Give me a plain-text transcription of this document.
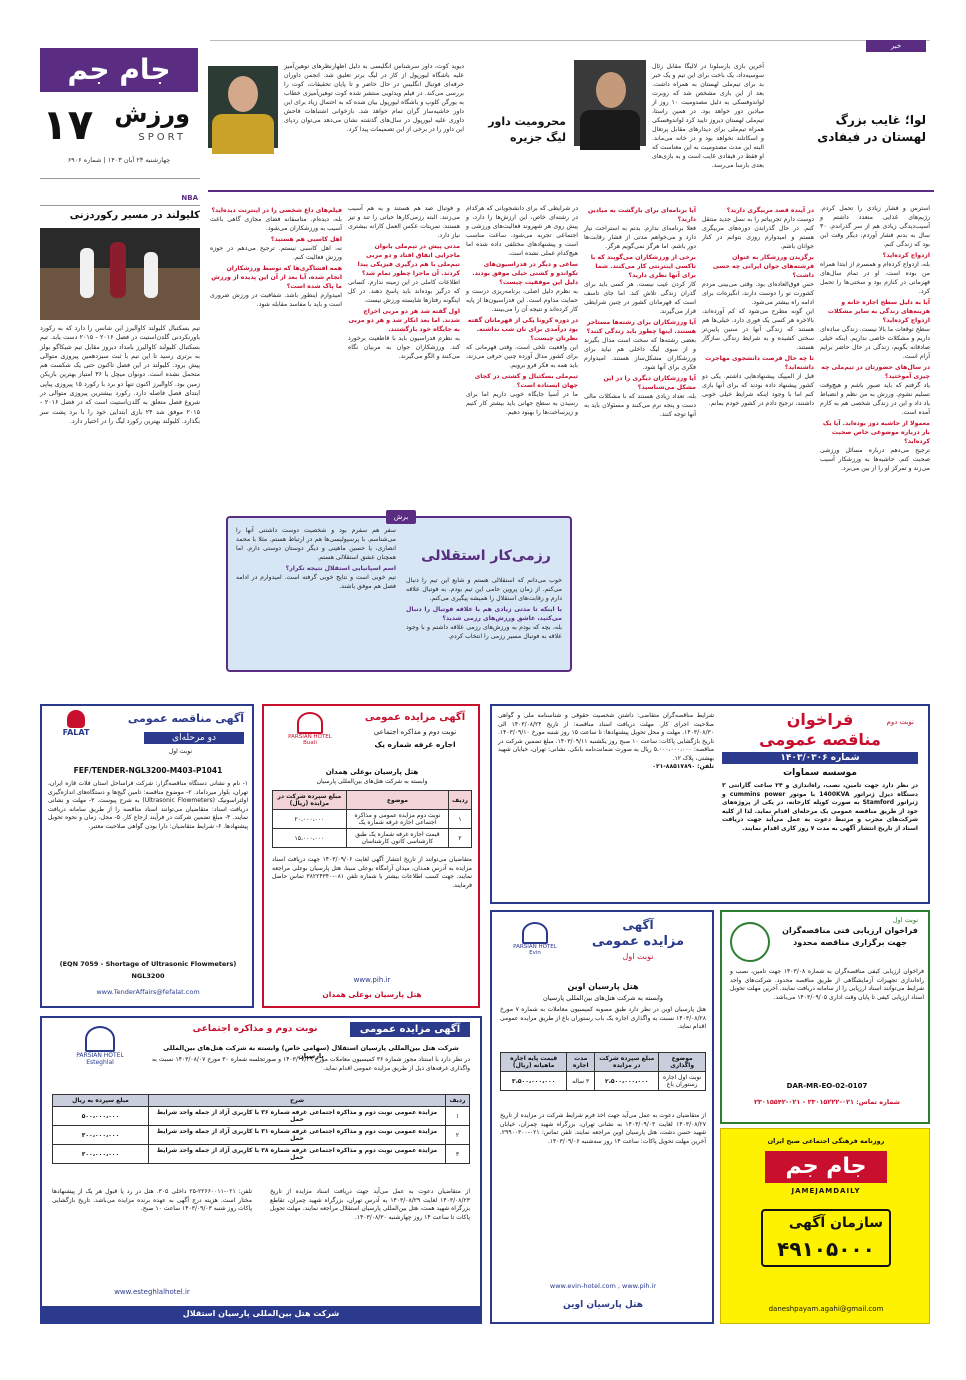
جام جم
۱۷ ورزش
SPORT
چهارشنبه ۲۳ آبان ۱۴۰۳ | شماره ۶۹۰۶
خبر
آخرین بازی بارسلونا در لالیگا مقابل رئال سوسیه‌داد، یک باخت برای این تیم و یک خبر بد برای تیم‌ملی لهستان به همراه داشت. بعد از این بازی مشخص شد که روبرت لواندوفسکی به دلیل مصدومیت ۱۰ روز از میادین دور خواهد بود. در همین راستا، تیم‌ملی لهستان دیروز تایید کرد لواندوفسکی همراه تیم‌ملی برای دیدارهای مقابل پرتغال و اسکاتلند نخواهد بود و در خانه می‌ماند. البته این مدت مصدومیت به این معناست که او فقط در فیفادی غایب است و به بازی‌های بعدی بارسا می‌رسد.
لوا؛ غایب بزرگ
لهستان در فیفادی
دیوید کوت، داور سرشناس انگلیسی به دلیل اظهارنظرهای توهین‌آمیز علیه باشگاه لیورپول از کار در لیگ برتر تعلیق شد. انجمن داوران حرفه‌ای فوتبال انگلیس در حال حاضر و تا پایان تحقیقات، کوت را بررسی می‌کند. در فیلم ویدئویی منتشر شده کوت توهین‌آمیزی خطاب به یورگن کلوپ و باشگاه لیورپول بیان شده که به احتمال زیاد برای این داور حاشیه‌ساز گران تمام خواهد شد. بازخوانی اشتباهات فاحش داوری علیه لیورپول در سال‌های گذشته نشان می‌دهد می‌توان ردپای این داور را در برخی از این تصمیمات پیدا کرد.
محرومیت داور
لیگ جزیره
NBA
کلیولند در مسیر رکوردزنی
تیم بسکتبال کلیولند کاوالیرز این شانس را دارد که به رکورد باورنکردنی گلدن‌استیت در فصل ۲۰۱۶ - ۲۰۱۵ دست یابد. تیم بسکتبال کلیولند کاوالیرز بامداد دیروز مقابل تیم شیکاگو بولز به برتری رسید تا این تیم با ثبت سیزدهمین پیروزی متوالی پیش برود. کلیولند در این فصل تاکنون حتی یک شکست هم متحمل نشده است. دونوان میچل با ۳۶ امتیاز بهترین بازیکن زمین بود. کاوالیرز اکنون تنها دو برد با رکورد ۱۵ پیروزی پیاپی ابتدای فصل فاصله دارد. رکورد بیشترین پیروزی متوالی در شروع فصل متعلق به گلدن‌استیت است که در فصل ۲۰۱۶ - ۲۰۱۵ موفق شد ۲۴ بازی ابتدایی خود را با برد پشت سر بگذارد. کلیولند بهترین رکورد لیگ را در اختیار دارد.
استرس و فشار زیادی را تحمل کردم. رژیم‌های غذایی متعدد داشتم و آسیب‌دیدگی زیادی هم از سر گذراندم. ۳۰ سال به بدنم فشار آوردم، دیگر وقت این بود که زندگی کنم.
ازدواج کرده‌اید؟
بله، ازدواج کرده‌ام و همسرم از ابتدا همراه من بوده است. او در تمام سال‌های قهرمانی در کنارم بود و سختی‌ها را تحمل کرد.
آیا به دلیل سطح اجاره خانه و هزینه‌های زندگی به سایر مشکلات ازدواج کرده‌اید؟
سطح توقعات ما بالا نیست. زندگی ساده‌ای داریم و مشکلات خاصی نداریم. اینکه خیلی صادقانه بگویم، زندگی در حال حاضر برایم آرام است.
در سال‌های حضورتان در تیم‌ملی چه چیزی آموختید؟
یاد گرفتم که باید صبور باشم و هیچ‌وقت تسلیم نشوم. ورزش به من نظم و انضباط یاد داد و این در زندگی شخصی هم به کارم آمده است.
معمولا از حاشیه دور بوده‌اید. آیا یک بار درباره موضوعی خاص صحبت کرده‌اید؟
ترجیح می‌دهم درباره مسائل ورزشی صحبت کنم. حاشیه‌ها به ورزشکار آسیب می‌زند و تمرکز او را از بین می‌برد.
در آینده قصد مربیگری دارید؟
دوست دارم تجربیاتم را به نسل جدید منتقل کنم. در حال گذراندن دوره‌های مربیگری هستم و امیدوارم روزی بتوانم در کنار جوانان باشم.
برگزیدن ورزشکار به عنوان فرشته‌های جوان ایرانی چه حسی داشت؟
حس فوق‌العاده‌ای بود. وقتی می‌بینی مردم کشورت تو را دوست دارند، انگیزه‌ات برای ادامه راه بیشتر می‌شود.
این گونه مطرح می‌شود که کم آورده‌اند، بالاخره هر کسی یک فوری دارد. خیلی‌ها هم هستند که زندگی آنها در سنین پایین‌تر سختی کشیده و به شرایط زندگی سازگار هستند.
تا چه حال فرصت دانشجوی مهاجرت داشته‌اید؟
قبل از المپیک پیشنهادهایی داشتم. یکی دو کشور پیشنهاد داده بودند که برای آنها بازی کنم اما با وجود اینکه شرایط خیلی خوبی داشتند، ترجیح دادم در کشور خودم بمانم.
آیا برنامه‌ای برای بازگشت به میادین دارید؟
فعلا برنامه‌ای ندارم. بدنم به استراحت نیاز دارد و می‌خواهم مدتی از فشار رقابت‌ها دور باشم. اما هرگز نمی‌گویم هرگز.
برخی از ورزشکاران می‌گویند که با تاکسی اینترنتی کار می‌کنند. شما برای آنها نظری دارید؟
کار کردن عیب نیست. هر کسی باید برای گذران زندگی تلاش کند. اما جای تاسف است که قهرمانان کشور در چنین شرایطی قرار می‌گیرند.
آیا ورزشکاران برای رشته‌ها مستاجر هستند. اینها چطور باید زندگی کنند؟
بعضی رشته‌ها که سخت است مدال بگیرند و از سوی لیگ داخلی هم نیاید برای ورزشکاران مشکل‌ساز هستند. امیدوارم فکری برای آنها شود.
آیا ورزشکاران دیگری را در این مشکل می‌شناسید؟
بله، تعداد زیادی هستند که با مشکلات مالی دست و پنجه نرم می‌کنند و مسئولان باید به آنها توجه کنند.
در شرایطی که برای دانشجویانی که هرکدام در رشته‌ای خاص، این ارزش‌ها را دارد، و پیش روی هر شهروند فعالیت‌های ورزشی و اجتماعی تجربه می‌شود. ساعت مناسب است و پیشنهادهای مختلفی داده شده اما هیچ‌کدام عملی نشده است.
ساعی و دیگر در فدراسیون‌های تکواندو و کشتی خیلی موفق بودند. دلیل این موفقیت چیست؟
به نظرم دلیل اصلی، برنامه‌ریزی درست و حمایت مداوم است. این فدراسیون‌ها از پایه کار کرده‌اند و نتیجه آن را می‌بینند.
در دوره کرونا یکی از قهرمانان گفته بود درآمدی برای نان شب نداشته. نظرتان چیست؟
این واقعیت تلخی است. وقتی قهرمانی که برای کشور مدال آورده چنین حرفی می‌زند، باید همه به فکر فرو برویم.
تیم‌ملی بسکتبال و کشتی در کجای جهان ایستاده است؟
ما در آسیا جایگاه خوبی داریم اما برای رسیدن به سطح جهانی باید بیشتر کار کنیم و زیرساخت‌ها را بهبود دهیم.
و فوتبال صد هم هستند و به هم آسیب می‌زنند. البته رزمی‌کارها حیاتی را تند و تیز هستند. تمرینات عکس العمل کارانه بیشتری نیاز دارد.
مدتی پیش در تیم‌ملی بانوان ماجرایی اتفاق افتاد و دو مربی تیم‌ملی با هم درگیری فیزیکی پیدا کردند. آن ماجرا چطور تمام شد؟
اطلاعات کاملی در این زمینه ندارم. کسانی که درگیر بوده‌اند باید پاسخ دهند. در کل اینگونه رفتارها شایسته ورزش نیست.
اول گفته شد هر دو مربی اخراج شدند. اما بعد انکار شد و هر دو مربی به جایگاه خود بازگشتند.
به نظرم فدراسیون باید با قاطعیت برخورد کند. ورزشکاران جوان به مربیان نگاه می‌کنند و الگو می‌گیرند.
فیلم‌های داغ شخصی را در اینترنت دیده‌اید؟
بله، دیده‌ام. متاسفانه فضای مجازی گاهی باعث آسیب به ورزشکاران می‌شود.
اهل کاسبی هم هستید؟
نه، اهل کاسبی نیستم. ترجیح می‌دهم در حوزه ورزش فعالیت کنم.
همه افشاگری‌ها که توسط ورزشکاران انجام شده، آیا بعد از آن این پدیده از ورزش ما پاک شده است؟
امیدوارم اینطور باشد. شفافیت در ورزش ضروری است و باید با مفاسد مقابله شود.
برش
رزمی‌کار استقلالی
خوب می‌دانم که استقلالی هستم و شایع این تیم را دنبال می‌کنم. از زمان پروین حامی این تیم بودم. به فوتبال علاقه دارم و رقابت‌های استقلال را همیشه پیگیری می‌کنم.
با اینکه تا مدتی زیادی هم با علاقه فوتبال را دنبال می‌کنید، عاشق ورزش‌های رزمی شدید؟
بله، بچه که بودم به ورزش‌های رزمی علاقه داشتم و با وجود علاقه به فوتبال مسیر رزمی را انتخاب کردم.
سفر هم سفرم بود و شخصیت دوست داشتنی آنها را می‌شناسم. با پرسپولیسی‌ها هم در ارتباط هستم. مثلا با محمد انصاری، یا حسین ماهینی و دیگر دوستان دوستی دارم. اما همچنان عشق استقلالی هستم.
اسم اسپانیایی استقلال نتیجه تکرار؟
تیم خوبی است و نتایج خوبی گرفته است. امیدوارم در ادامه فصل هم موفق باشند.
آگهی مناقصه عمومی
دو مرحله‌ای
نوبت اول
FALAT
FEF/TENDER-NGL3200-M403-P1041
۱- نام و نشانی دستگاه مناقصه‌گزار: شرکت فراساحل استان فلات قاره ایران، تهران، بلوار میرداماد. ۲- موضوع مناقصه: تامین گیج‌ها و دستگاه‌های اندازه‌گیری اولتراسونیک (Ultrasonic Flowmeters) به شرح پیوست. ۳- مهلت و نشانی دریافت اسناد: متقاضیان می‌توانند اسناد مناقصه را از طریق سامانه دریافت نمایند. ۴- مبلغ تضمین شرکت در فرآیند ارجاع کار. ۵- محل، زمان و نحوه تحویل پیشنهادها. ۶- شرایط متقاضیان: دارا بودن گواهی صلاحیت معتبر.
(EQN 7059 - Shortage of Ultrasonic Flowmeters)
NGL3200
www.TenderAffairs@fefalat.com
آگهی مزایده عمومی
نوبت دوم و مذاکره اجتماعی
اجاره غرفه شماره یک
PARSIAN HOTEL
Buali
هتل پارسیان بوعلی همدان
وابسته به شرکت هتل‌های بین‌المللی پارسیان
ردیف	موضوع	مبلغ سپرده شرکت در مزایده (ریال)
۱	نوبت دوم مزایده عمومی و مذاکره اجتماعی اجاره غرفه شماره یک	۲۰،۰۰۰،۰۰۰
۲	قیمت اجاره غرفه شماره یک طبق کارشناسی کانون کارشناسان	۱۵،۰۰۰،۰۰۰
متقاضیان می‌توانند از تاریخ انتشار آگهی لغایت ۱۴۰۳/۰۹/۰۶ جهت دریافت اسناد مزایده به آدرس همدان، میدان آرامگاه بوعلی سینا، هتل پارسیان بوعلی مراجعه نمایند. جهت کسب اطلاعات بیشتر با شماره تلفن ۰۸۱-۳۸۲۲۴۳۴۰ تماس حاصل فرمایند.
www.pih.ir
هتل پارسیان بوعلی همدان
شرایط مناقصه‌گران متقاضی: داشتن شخصیت حقوقی و شناسنامه ملی و گواهی صلاحیت اجرای کار. مهلت دریافت اسناد مناقصه: از تاریخ ۱۴۰۳/۰۸/۲۴ الی ۱۴۰۳/۰۸/۳۰. مهلت و محل تحویل پیشنهادها: تا ساعت ۱۵ روز شنبه مورخ ۱۴۰۳/۰۹/۱۰. تاریخ بازگشایی پاکات: ساعت ۱۰ صبح روز یکشنبه ۱۴۰۳/۰۹/۱۱. مبلغ تضمین شرکت در مناقصه: ۵،۰۰۰،۰۰۰،۰۰۰ ریال به صورت ضمانت‌نامه بانکی. نشانی: تهران، خیابان شهید بهشتی، پلاک ۱۲.
تلفن: ۸۸۵۱۷۸۹۰-۰۲۱
فراخوان
مناقصه عمومی
نوبت دوم
شماره ۱۴۰۳/۰۳۰۶
موسسه سماوات
در نظر دارد جهت تامین، نصب، راه‌اندازی و ۲۴ ساعت گارانتی ۳ دستگاه دیزل ژنراتور 1400KVA با موتور cummins power و ژنراتور Stamford به صورت کوپله کارخانه، در یکی از پروژه‌های خود از طریق مناقصه عمومی یک مرحله‌ای اقدام نماید. لذا از کلیه شرکت‌های مجرب و مرتبط دعوت به عمل می‌آید جهت دریافت اسناد از تاریخ انتشار آگهی به مدت ۷ روز کاری اقدام نمایند.
PARSIAN HOTEL
Evin
آگهی
مزایده عمومی
نوبت اول
هتل پارسیان اوین
وابسته به شرکت هتل‌های بین‌المللی پارسیان
هتل پارسیان اوین در نظر دارد طبق مصوبه کمیسیون معاملات به شماره ۷ مورخ ۱۴۰۳/۰۸/۲۸ نسبت به واگذاری اجاره یک باب رستوران باغ از طریق مزایده عمومی اقدام نماید.
موضوع واگذاری	مبلغ سپرده شرکت در مزایده	مدت اجاره	قیمت پایه اجاره ماهیانه (ریال)
نوبت اول اجاره رستوران باغ	۲،۵۰۰،۰۰۰،۰۰۰	۳ ساله	۳،۵۰۰،۰۰۰،۰۰۰
از متقاضیان دعوت به عمل می‌آید جهت اخذ فرم شرایط شرکت در مزایده از تاریخ ۱۴۰۳/۰۸/۲۷ لغایت ۱۴۰۳/۰۹/۰۳ به نشانی تهران، بزرگراه شهید چمران، خیابان شهید حسن دشت، هتل پارسیان اوین مراجعه نمایند. تلفن تماس: ۰۲۱-۲۹۹۰۰۳۰۰. آخرین مهلت تحویل پاکات: ساعت ۱۴ روز سه‌شنبه ۱۴۰۳/۰۹/۰۶.
www.evin-hotel.com , www.pih.ir
هتل پارسیان اوین
نوبت اول
فراخوان ارزیابی فنی مناقصه‌گران
جهت برگزاری مناقصه محدود
فراخوان ارزیابی کیفی مناقصه‌گران به شماره ۱۴۰۳/۰۸ جهت تامین، نصب و راه‌اندازی تجهیزات آزمایشگاهی از طریق مناقصه محدود. شرکت‌های واجد شرایط می‌توانند اسناد ارزیابی را از سامانه دریافت نمایند. آخرین مهلت تحویل اسناد ارزیابی کیفی تا پایان وقت اداری ۱۴۰۳/۰۹/۰۵ می‌باشد.
DAR-MR-EO-02-0107
شماره تماس: ۰۲۱-۲۳۰۱۵۲۲۲ - ۰۲۱-۲۳۰۱۵۵۴۲
روزنامه فرهنگی اجتماعی صبح ایران
جام جم
JAMEJAMDAILY
سازمان آگهی
۴۹۱۰۵۰۰۰
daneshpayam.agahi@gmail.com
PARSIAN HOTEL
Esteghlal
آگهی مزایده عمومی
نوبت دوم و مذاکره اجتماعی
شرکت هتل بین‌المللی پارسیان استقلال (سهامی خاص) وابسته به شرکت هتل‌های بین‌المللی پارسیان
در نظر دارد با استناد مجوز شماره ۳۶ کمیسیون معاملات مورخ ۱۴۰۳/۰۷/۲۹ و صورتجلسه شماره ۳۰ مورخ ۱۴۰۳/۰۸/۰۷ نسبت به واگذاری غرفه‌های ذیل از طریق مزایده عمومی اقدام نماید.
ردیف	شرح	مبلغ سپرده به ریال
۱	مزایده عمومی نوبت دوم و مذاکره اجتماعی غرفه شماره ۳۶ با کاربری آزاد از جمله واحد شرایط حمل	۵۰۰،۰۰۰،۰۰۰
۲	مزایده عمومی نوبت دوم و مذاکره اجتماعی غرفه شماره ۳۱ با کاربری آزاد از جمله واحد شرایط حمل	۳۰۰،۰۰۰،۰۰۰
۳	مزایده عمومی نوبت دوم و مذاکره اجتماعی غرفه شماره ۳۸ با کاربری آزاد از جمله واحد شرایط حمل	۳۰۰،۰۰۰،۰۰۰
از متقاضیان دعوت به عمل می‌آید جهت دریافت اسناد مزایده از تاریخ ۱۴۰۳/۰۸/۲۳ لغایت ۱۴۰۳/۰۸/۲۹ به آدرس تهران، بزرگراه شهید چمران، تقاطع بزرگراه شهید همت، هتل بین‌المللی پارسیان استقلال مراجعه نمایند. مهلت تحویل پاکات تا ساعت ۱۴ روز چهارشنبه ۱۴۰۳/۰۸/۳۰.
تلفن: ۰۲۱-۲۲۶۶۰۰۱۱-۲۵ داخلی ۳۰۵. هتل در رد یا قبول هر یک از پیشنهادها مختار است. هزینه درج آگهی به عهده برنده مزایده می‌باشد. تاریخ بازگشایی پاکات روز شنبه ۱۴۰۳/۰۹/۰۳ ساعت ۱۰ صبح.
www.esteghlalhotel.ir
شرکت هتل بین‌المللی پارسیان استقلال
